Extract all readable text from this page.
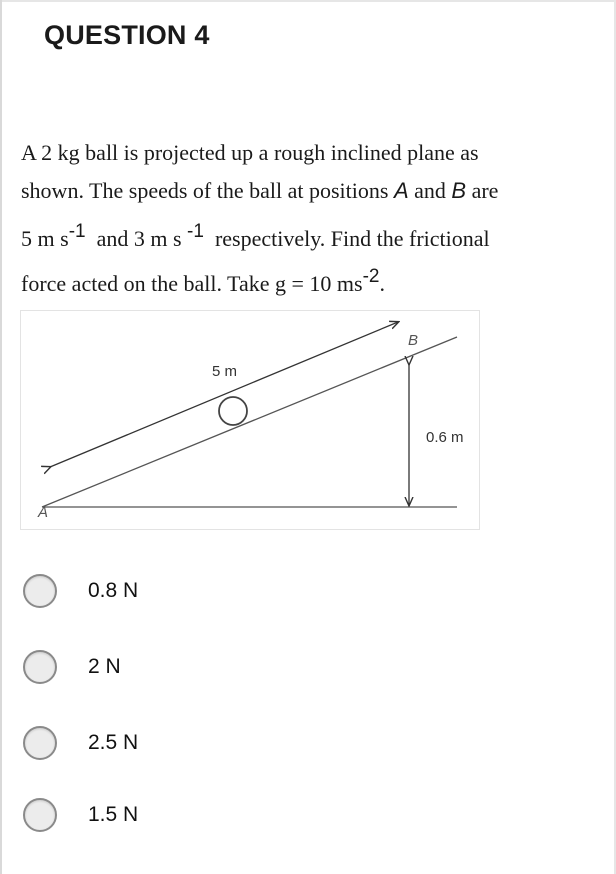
QUESTION 4
A 2 kg ball is projected up a rough inclined plane as
shown. The speeds of the ball at positions A and B are
5 m s-1  and 3 m s -1  respectively. Find the frictional
force acted on the ball. Take g = 10 ms-2.
A
B
5 m
0.6 m
0.8 N
2 N
2.5 N
1.5 N
